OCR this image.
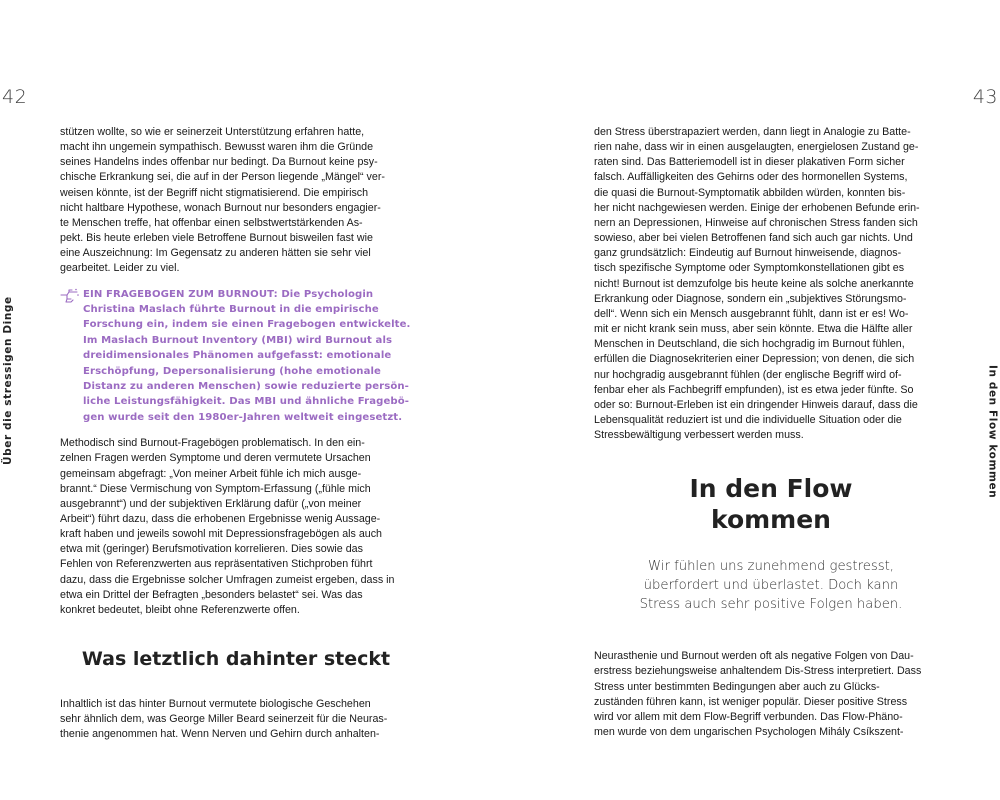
42	43
Über die stressigen Dinge	In den Flow kommen
stützen wollte, so wie er seinerzeit Unterstützung erfahren hatte,
macht ihn ungemein sympathisch. Bewusst waren ihm die Gründe
seines Handelns indes offenbar nur bedingt. Da Burnout keine psy-
chische Erkrankung sei, die auf in der Person liegende „Mängel“ ver-
weisen könnte, ist der Begriff nicht stigmatisierend. Die empirisch
nicht haltbare Hypothese, wonach Burnout nur besonders engagier-
te Menschen treffe, hat offenbar einen selbstwertstärkenden As-
pekt. Bis heute erleben viele Betroffene Burnout bisweilen fast wie
eine Auszeichnung: Im Gegensatz zu anderen hätten sie sehr viel
gearbeitet. Leider zu viel.
EIN FRAGEBOGEN ZUM BURNOUT: Die Psychologin
Christina Maslach führte Burnout in die empirische
Forschung ein, indem sie einen Fragebogen entwickelte.
Im Maslach Burnout Inventory (MBI) wird Burnout als
dreidimensionales Phänomen aufgefasst: emotionale
Erschöpfung, Depersonalisierung (hohe emotionale
Distanz zu anderen Menschen) sowie reduzierte persön-
liche Leistungsfähigkeit. Das MBI und ähnliche Fragebö-
gen wurde seit den 1980er-Jahren weltweit eingesetzt.
Methodisch sind Burnout-Fragebögen problematisch. In den ein-
zelnen Fragen werden Symptome und deren vermutete Ursachen
gemeinsam abgefragt: „Von meiner Arbeit fühle ich mich ausge-
brannt.“ Diese Vermischung von Symptom-Erfassung („fühle mich
ausgebrannt“) und der subjektiven Erklärung dafür („von meiner
Arbeit“) führt dazu, dass die erhobenen Ergebnisse wenig Aussage-
kraft haben und jeweils sowohl mit Depressionsfragebögen als auch
etwa mit (geringer) Berufsmotivation korrelieren. Dies sowie das
Fehlen von Referenzwerten aus repräsentativen Stichproben führt
dazu, dass die Ergebnisse solcher Umfragen zumeist ergeben, dass in
etwa ein Drittel der Befragten „besonders belastet“ sei. Was das
konkret bedeutet, bleibt ohne Referenzwerte offen.
Was letztlich dahinter steckt
Inhaltlich ist das hinter Burnout vermutete biologische Geschehen
sehr ähnlich dem, was George Miller Beard seinerzeit für die Neuras-
thenie angenommen hat. Wenn Nerven und Gehirn durch anhalten-
den Stress überstrapaziert werden, dann liegt in Analogie zu Batte-
rien nahe, dass wir in einen ausgelaugten, energielosen Zustand ge-
raten sind. Das Batteriemodell ist in dieser plakativen Form sicher
falsch. Auffälligkeiten des Gehirns oder des hormonellen Systems,
die quasi die Burnout-Symptomatik abbilden würden, konnten bis-
her nicht nachgewiesen werden. Einige der erhobenen Befunde erin-
nern an Depressionen, Hinweise auf chronischen Stress fanden sich
sowieso, aber bei vielen Betroffenen fand sich auch gar nichts. Und
ganz grundsätzlich: Eindeutig auf Burnout hinweisende, diagnos-
tisch spezifische Symptome oder Symptomkonstellationen gibt es
nicht! Burnout ist demzufolge bis heute keine als solche anerkannte
Erkrankung oder Diagnose, sondern ein „subjektives Störungsmo-
dell“. Wenn sich ein Mensch ausgebrannt fühlt, dann ist er es! Wo-
mit er nicht krank sein muss, aber sein könnte. Etwa die Hälfte aller
Menschen in Deutschland, die sich hochgradig im Burnout fühlen,
erfüllen die Diagnosekriterien einer Depression; von denen, die sich
nur hochgradig ausgebrannt fühlen (der englische Begriff wird of-
fenbar eher als Fachbegriff empfunden), ist es etwa jeder fünfte. So
oder so: Burnout-Erleben ist ein dringender Hinweis darauf, dass die
Lebensqualität reduziert ist und die individuelle Situation oder die
Stressbewältigung verbessert werden muss.
In den Flow
kommen
Wir fühlen uns zunehmend gestresst,
überfordert und überlastet. Doch kann
Stress auch sehr positive Folgen haben.
Neurasthenie und Burnout werden oft als negative Folgen von Dau-
erstress beziehungsweise anhaltendem Dis-Stress interpretiert. Dass
Stress unter bestimmten Bedingungen aber auch zu Glücks-
zuständen führen kann, ist weniger populär. Dieser positive Stress
wird vor allem mit dem Flow-Begriff verbunden. Das Flow-Phäno-
men wurde von dem ungarischen Psychologen Mihály Csíkszent-
